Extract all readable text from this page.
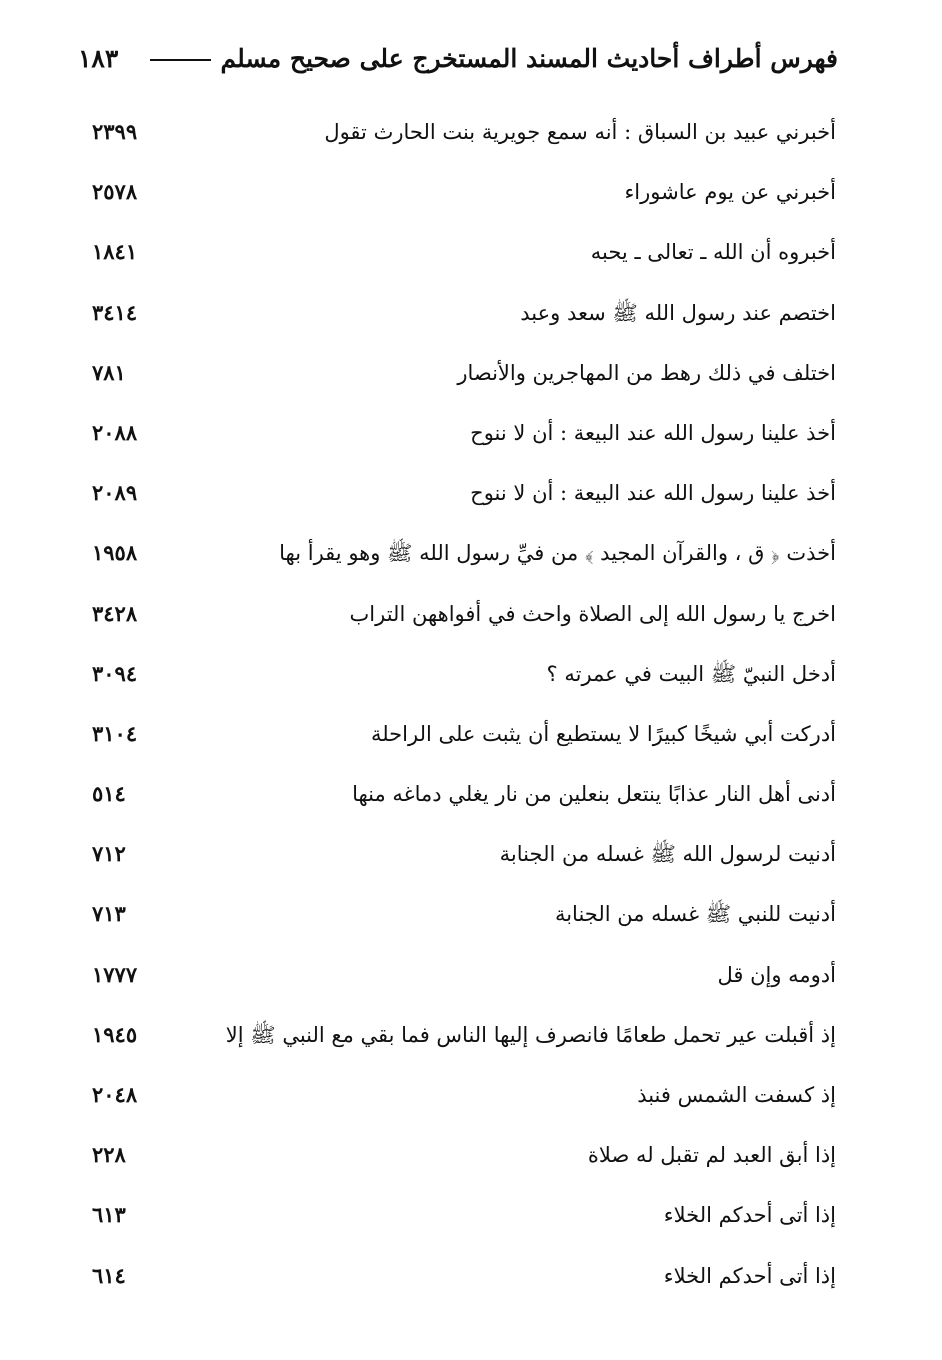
فهرس أطراف أحاديث المسند المستخرج على صحيح مسلم
١٨٣
أخبرني عبيد بن السباق : أنه سمع جويرية بنت الحارث تقول
٢٣٩٩
أخبرني عن يوم عاشوراء
٢٥٧٨
أخبروه أن الله ـ تعالى ـ يحبه
١٨٤١
اختصم عند رسول الله ﷺ سعد وعبد
٣٤١٤
اختلف في ذلك رهط من المهاجرين والأنصار
٧٨١
أخذ علينا رسول الله عند البيعة : أن لا ننوح
٢٠٨٨
أخذ علينا رسول الله عند البيعة : أن لا ننوح
٢٠٨٩
أخذت ﴿ ق ، والقرآن المجيد ﴾ من فيِّ رسول الله ﷺ وهو يقرأ بها
١٩٥٨
اخرج يا رسول الله إلى الصلاة واحث في أفواههن التراب
٣٤٢٨
أدخل النبيّ ﷺ البيت في عمرته ؟
٣٠٩٤
أدركت أبي شيخًا كبيرًا لا يستطيع أن يثبت على الراحلة
٣١٠٤
أدنى أهل النار عذابًا ينتعل بنعلين من نار يغلي دماغه منها
٥١٤
أدنيت لرسول الله ﷺ غسله من الجنابة
٧١٢
أدنيت للنبي ﷺ غسله من الجنابة
٧١٣
أدومه وإن قل
١٧٧٧
إذ أقبلت عير تحمل طعامًا فانصرف إليها الناس فما بقي مع النبي ﷺ إلا
١٩٤٥
إذ كسفت الشمس فنبذ
٢٠٤٨
إذا أبق العبد لم تقبل له صلاة
٢٢٨
إذا أتى أحدكم الخلاء
٦١٣
إذا أتى أحدكم الخلاء
٦١٤
